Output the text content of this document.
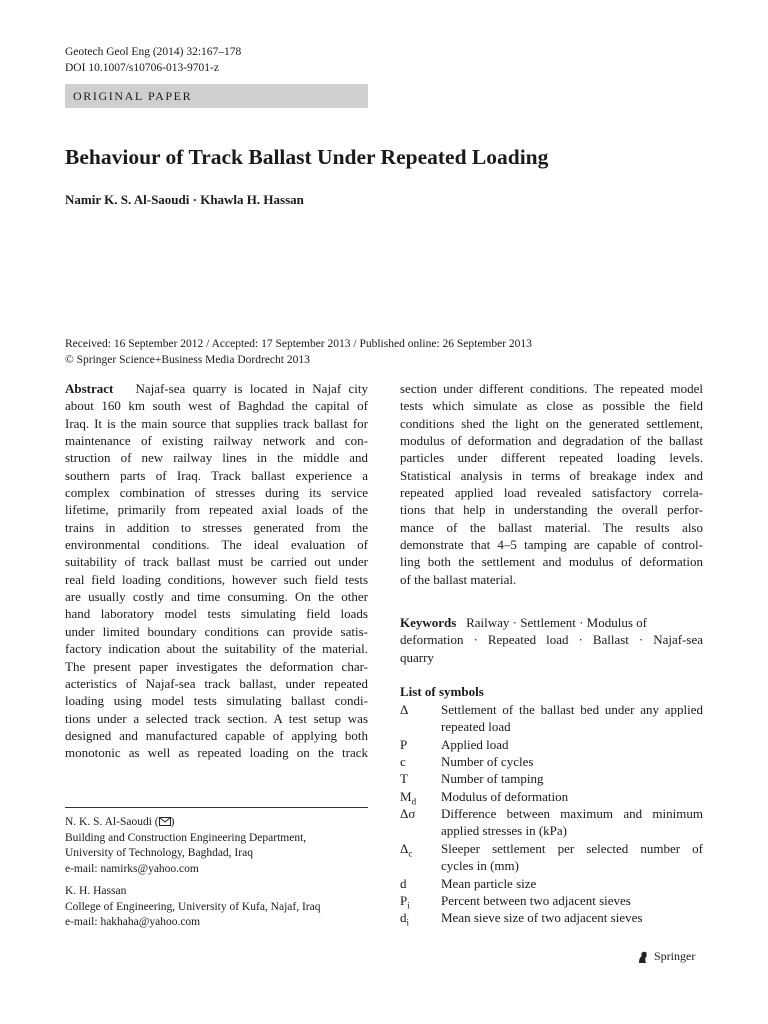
Geotech Geol Eng (2014) 32:167–178
DOI 10.1007/s10706-013-9701-z
ORIGINAL PAPER
Behaviour of Track Ballast Under Repeated Loading
Namir K. S. Al-Saoudi · Khawla H. Hassan
Received: 16 September 2012 / Accepted: 17 September 2013 / Published online: 26 September 2013
© Springer Science+Business Media Dordrecht 2013
Abstract Najaf-sea quarry is located in Najaf city
about 160 km south west of Baghdad the capital of
Iraq. It is the main source that supplies track ballast for
maintenance of existing railway network and con-
struction of new railway lines in the middle and
southern parts of Iraq. Track ballast experience a
complex combination of stresses during its service
lifetime, primarily from repeated axial loads of the
trains in addition to stresses generated from the
environmental conditions. The ideal evaluation of
suitability of track ballast must be carried out under
real field loading conditions, however such field tests
are usually costly and time consuming. On the other
hand laboratory model tests simulating field loads
under limited boundary conditions can provide satis-
factory indication about the suitability of the material.
The present paper investigates the deformation char-
acteristics of Najaf-sea track ballast, under repeated
loading using model tests simulating ballast condi-
tions under a selected track section. A test setup was
designed and manufactured capable of applying both
monotonic as well as repeated loading on the track
N. K. S. Al-Saoudi ( )
Building and Construction Engineering Department,
University of Technology, Baghdad, Iraq
e-mail: namirks@yahoo.com
K. H. Hassan
College of Engineering, University of Kufa, Najaf, Iraq
e-mail: hakhaha@yahoo.com
section under different conditions. The repeated model
tests which simulate as close as possible the field
conditions shed the light on the generated settlement,
modulus of deformation and degradation of the ballast
particles under different repeated loading levels.
Statistical analysis in terms of breakage index and
repeated applied load revealed satisfactory correla-
tions that help in understanding the overall perfor-
mance of the ballast material. The results also
demonstrate that 4–5 tamping are capable of control-
ling both the settlement and modulus of deformation
of the ballast material.
Keywords Railway · Settlement · Modulus of
deformation · Repeated load · Ballast · Najaf-sea
quarry
List of symbols
Δ	Settlement of the ballast bed under any applied
repeated load
P	Applied load
c	Number of cycles
T	Number of tamping
$M_d$ Modulus of deformation
Δσ Difference between maximum and minimum
applied stresses in (kPa)
$\Delta_c$ Sleeper settlement per selected number of
cycles in (mm)
d	Mean particle size
$P_i$ Percent between two adjacent sieves
$d_i$ Mean sieve size of two adjacent sieves
Springer
